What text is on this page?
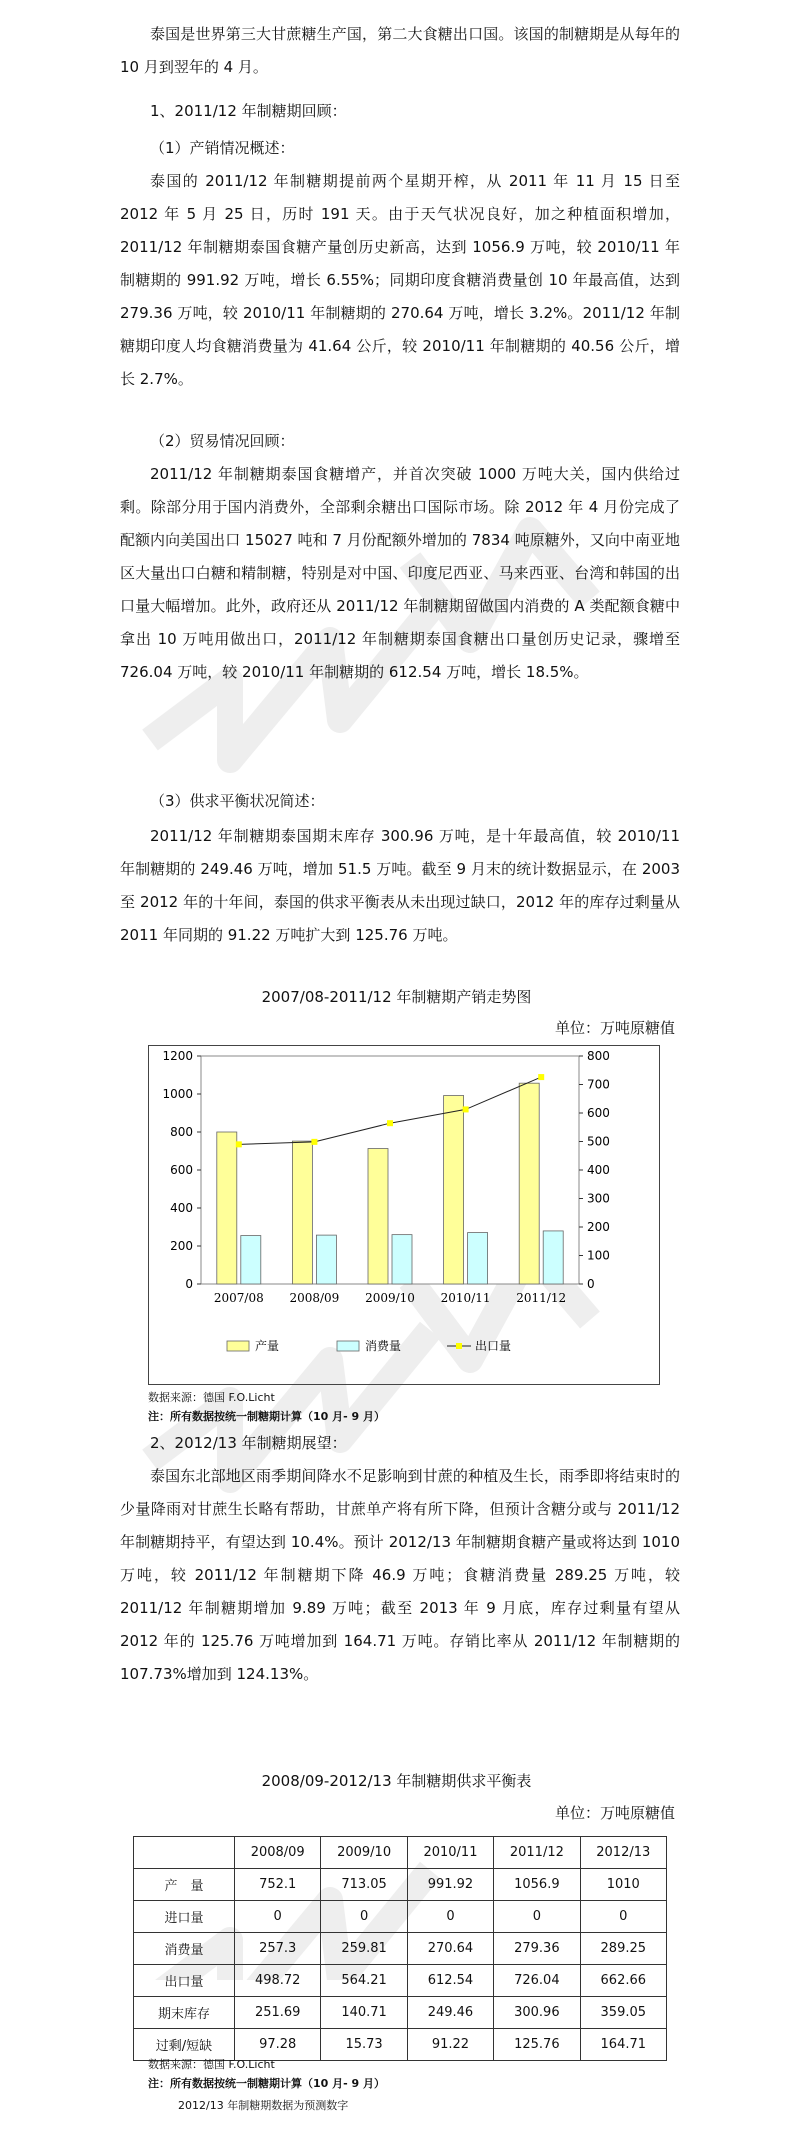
泰国是世界第三大甘蔗糖生产国，第二大食糖出口国。该国的制糖期是从每年的 10 月到翌年的 4 月。
1、2011/12 年制糖期回顾：
（1）产销情况概述：
泰国的 2011/12 年制糖期提前两个星期开榨，从 2011 年 11 月 15 日至 2012 年 5 月 25 日，历时 191 天。由于天气状况良好，加之种植面积增加，2011/12 年制糖期泰国食糖产量创历史新高，达到 1056.9 万吨，较 2010/11 年制糖期的 991.92 万吨，增长 6.55%；同期印度食糖消费量创 10 年最高值，达到 279.36 万吨，较 2010/11 年制糖期的 270.64 万吨，增长 3.2%。2011/12 年制糖期印度人均食糖消费量为 41.64 公斤，较 2010/11 年制糖期的 40.56 公斤，增长 2.7%。
（2）贸易情况回顾：
2011/12 年制糖期泰国食糖增产，并首次突破 1000 万吨大关，国内供给过剩。除部分用于国内消费外，全部剩余糖出口国际市场。除 2012 年 4 月份完成了配额内向美国出口 15027 吨和 7 月份配额外增加的 7834 吨原糖外，又向中南亚地区大量出口白糖和精制糖，特别是对中国、印度尼西亚、马来西亚、台湾和韩国的出口量大幅增加。此外，政府还从 2011/12 年制糖期留做国内消费的 A 类配额食糖中拿出 10 万吨用做出口，2011/12 年制糖期泰国食糖出口量创历史记录，骤增至 726.04 万吨，较 2010/11 年制糖期的 612.54 万吨，增长 18.5%。
（3）供求平衡状况简述：
2011/12 年制糖期泰国期末库存 300.96 万吨，是十年最高值，较 2010/11 年制糖期的 249.46 万吨，增加 51.5 万吨。截至 9 月末的统计数据显示，在 2003 至 2012 年的十年间，泰国的供求平衡表从未出现过缺口，2012 年的库存过剩量从 2011 年同期的 91.22 万吨扩大到 125.76 万吨。
2007/08-2011/12 年制糖期产销走势图
单位：万吨原糖值
0
200
400
600
800
1000
1200
0
100
200
300
400
500
600
700
800
2007/08 2008/09 2009/10 2010/11 2011/12
产量	消费量	出口量
数据来源：德国 F.O.Licht
注：所有数据按统一制糖期计算（10 月- 9 月）
2、2012/13 年制糖期展望：
泰国东北部地区雨季期间降水不足影响到甘蔗的种植及生长，雨季即将结束时的少量降雨对甘蔗生长略有帮助，甘蔗单产将有所下降，但预计含糖分或与 2011/12 年制糖期持平，有望达到 10.4%。预计 2012/13 年制糖期食糖产量或将达到 1010 万吨，较 2011/12 年制糖期下降 46.9 万吨；食糖消费量 289.25 万吨，较 2011/12 年制糖期增加 9.89 万吨；截至 2013 年 9 月底，库存过剩量有望从 2012 年的 125.76 万吨增加到 164.71 万吨。存销比率从 2011/12 年制糖期的 107.73%增加到 124.13%。
2008/09-2012/13 年制糖期供求平衡表
单位：万吨原糖值
	2008/09	2009/10	2010/11	2011/12	2012/13
产　量	752.1	713.05	991.92	1056.9	1010
进口量	0	0	0	0	0
消费量	257.3	259.81	270.64	279.36	289.25
出口量	498.72	564.21	612.54	726.04	662.66
期末库存	251.69	140.71	249.46	300.96	359.05
过剩/短缺	97.28	15.73	91.22	125.76	164.71
数据来源：德国 F.O.Licht
注：所有数据按统一制糖期计算（10 月- 9 月）
2012/13 年制糖期数据为预测数字
